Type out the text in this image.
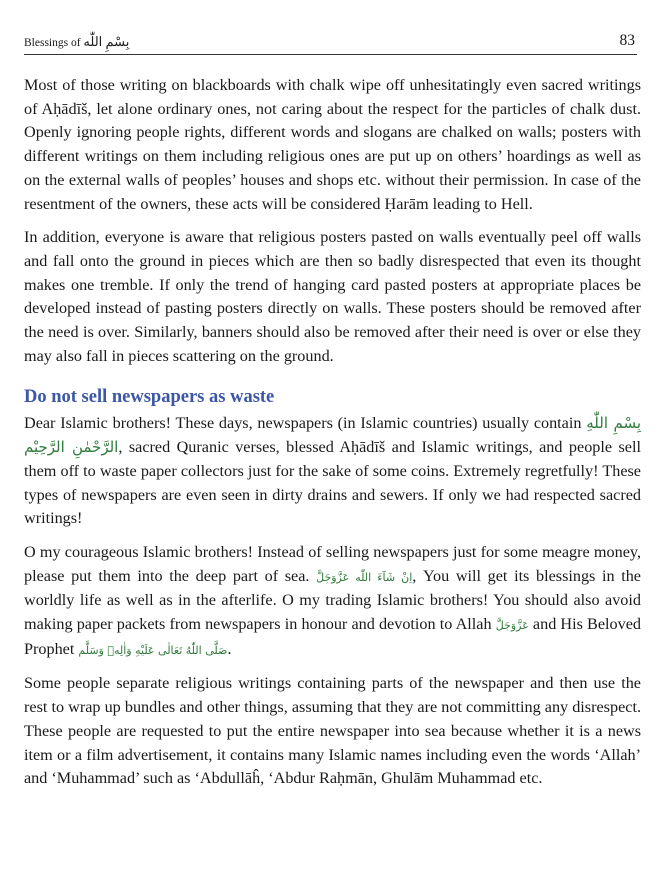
Blessings of بِسْمِ اللّٰه	83

Most of those writing on blackboards with chalk wipe off unhesitatingly even sacred writings of Aḥādīš, let alone ordinary ones, not caring about the respect for the particles of chalk dust. Openly ignoring people rights, different words and slogans are chalked on walls; posters with different writings on them including religious ones are put up on others’ hoardings as well as on the external walls of peoples’ houses and shops etc. without their permission. In case of the resentment of the owners, these acts will be considered Ḥarām leading to Hell.

In addition, everyone is aware that religious posters pasted on walls eventually peel off walls and fall onto the ground in pieces which are then so badly disrespected that even its thought makes one tremble. If only the trend of hanging card pasted posters at appropriate places be developed instead of pasting posters directly on walls. These posters should be removed after the need is over. Similarly, banners should also be removed after their need is over or else they may also fall in pieces scattering on the ground.

Do not sell newspapers as waste

Dear Islamic brothers! These days, newspapers (in Islamic countries) usually contain بِسْمِ اللّٰهِ الرَّحْمٰنِ الرَّحِيْم, sacred Quranic verses, blessed Aḥādīš and Islamic writings, and people sell them off to waste paper collectors just for the sake of some coins. Extremely regretfully! These types of newspapers are even seen in dirty drains and sewers. If only we had respected sacred writings!

O my courageous Islamic brothers! Instead of selling newspapers just for some meagre money, please put them into the deep part of sea. اِنْ شَآءَ اللّٰه عَزَّوَجَلَّ, You will get its blessings in the worldly life as well as in the afterlife. O my trading Islamic brothers! You should also avoid making paper packets from newspapers in honour and devotion to Allah عَزَّوَجَلَّ and His Beloved Prophet صَلَّى اللّٰهُ تَعَالٰى عَلَيْهِ وَاٰلِهٖ وَسَلَّم.

Some people separate religious writings containing parts of the newspaper and then use the rest to wrap up bundles and other things, assuming that they are not committing any disrespect. These people are requested to put the entire newspaper into sea because whether it is a news item or a film advertisement, it contains many Islamic names including even the words ‘Allah’ and ‘Muhammad’ such as ‘Abdullāĥ, ‘Abdur Raḥmān, Ghulām Muhammad etc.
